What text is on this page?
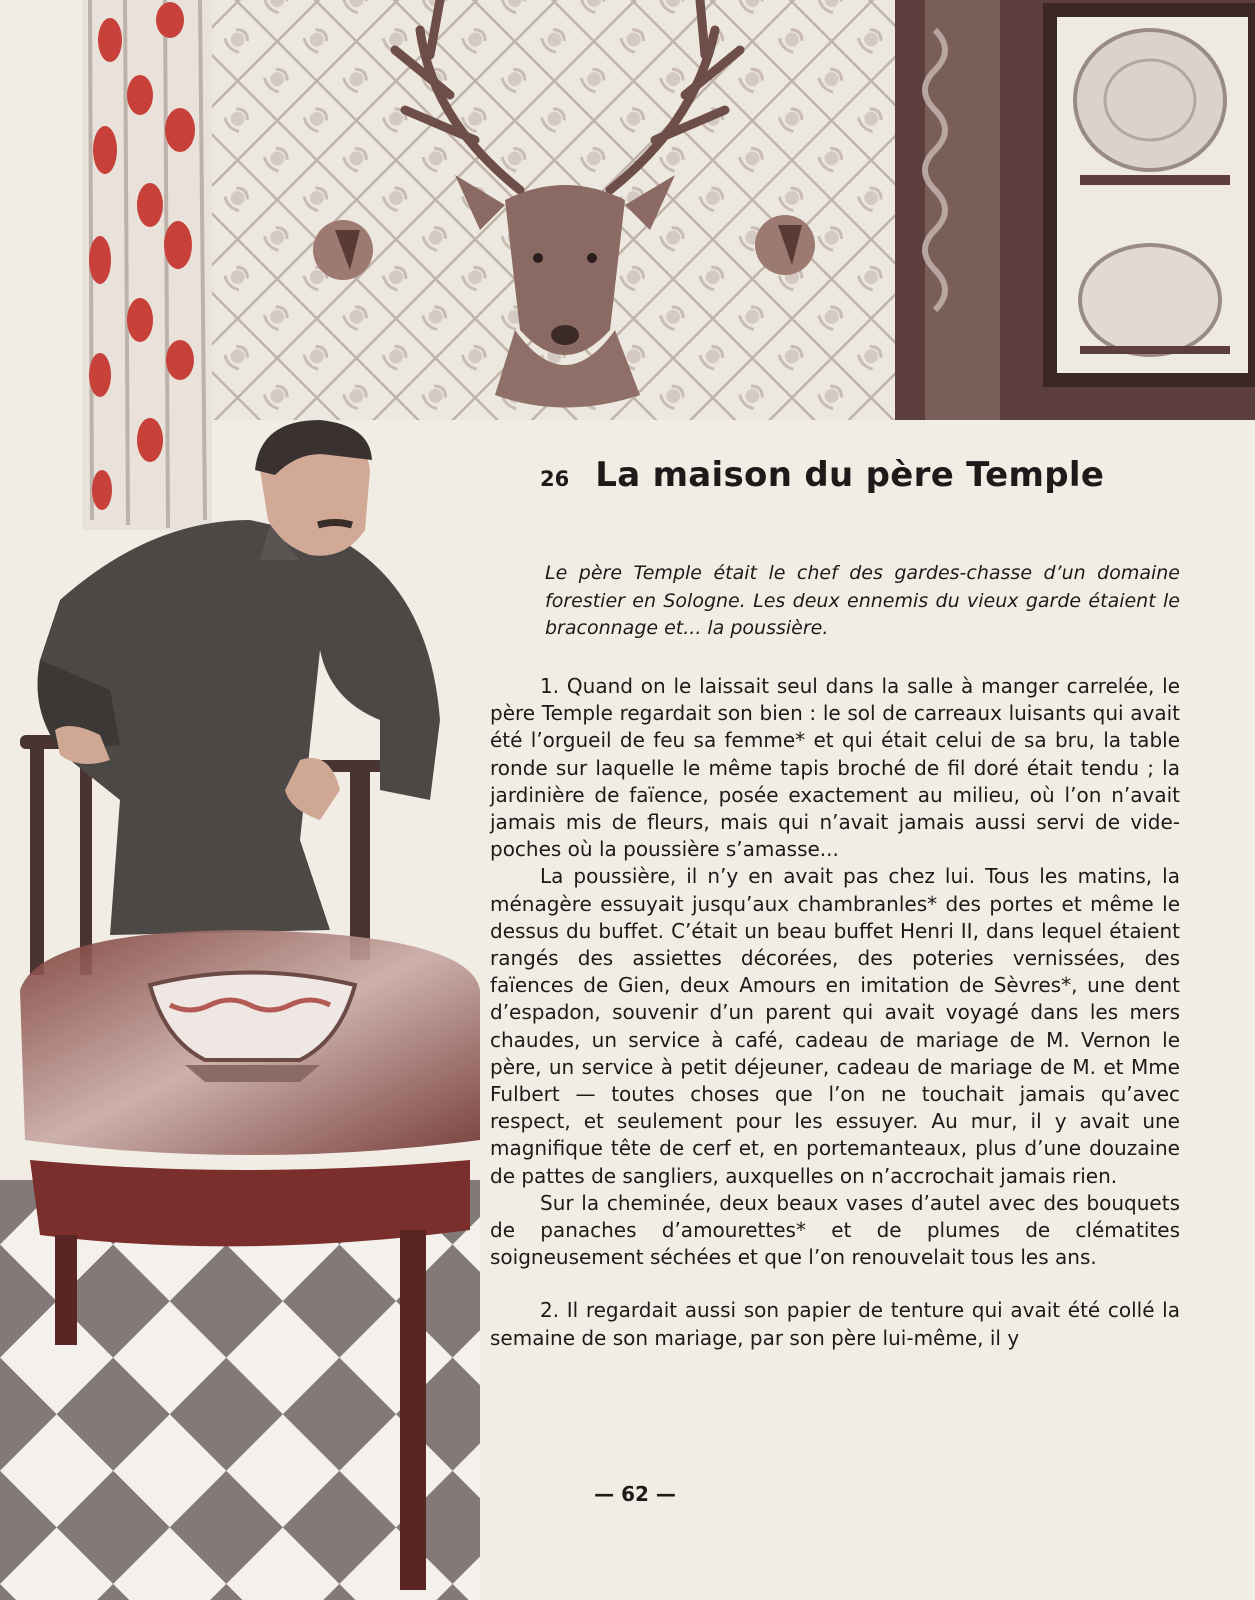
26 La maison du père Temple

Le père Temple était le chef des gardes-chasse d’un domaine forestier en Sologne. Les deux ennemis du vieux garde étaient le braconnage et... la poussière.

1. Quand on le laissait seul dans la salle à manger carrelée, le père Temple regardait son bien : le sol de carreaux luisants qui avait été l’orgueil de feu sa femme* et qui était celui de sa bru, la table ronde sur laquelle le même tapis broché de fil doré était tendu ; la jardinière de faïence, posée exactement au milieu, où l’on n’avait jamais mis de fleurs, mais qui n’avait jamais aussi servi de vide-poches où la poussière s’amasse...

La poussière, il n’y en avait pas chez lui. Tous les matins, la ménagère essuyait jusqu’aux chambranles* des portes et même le dessus du buffet. C’était un beau buffet Henri II, dans lequel étaient rangés des assiettes décorées, des poteries vernissées, des faïences de Gien, deux Amours en imitation de Sèvres*, une dent d’espadon, souvenir d’un parent qui avait voyagé dans les mers chaudes, un service à café, cadeau de mariage de M. Vernon le père, un service à petit déjeuner, cadeau de mariage de M. et Mme Fulbert — toutes choses que l’on ne touchait jamais qu’avec respect, et seulement pour les essuyer. Au mur, il y avait une magnifique tête de cerf et, en portemanteaux, plus d’une douzaine de pattes de sangliers, auxquelles on n’accrochait jamais rien.

Sur la cheminée, deux beaux vases d’autel avec des bouquets de panaches d’amourettes* et de plumes de clématites soigneusement séchées et que l’on renouvelait tous les ans.

2. Il regardait aussi son papier de tenture qui avait été collé la semaine de son mariage, par son père lui-même, il y

— 62 —
